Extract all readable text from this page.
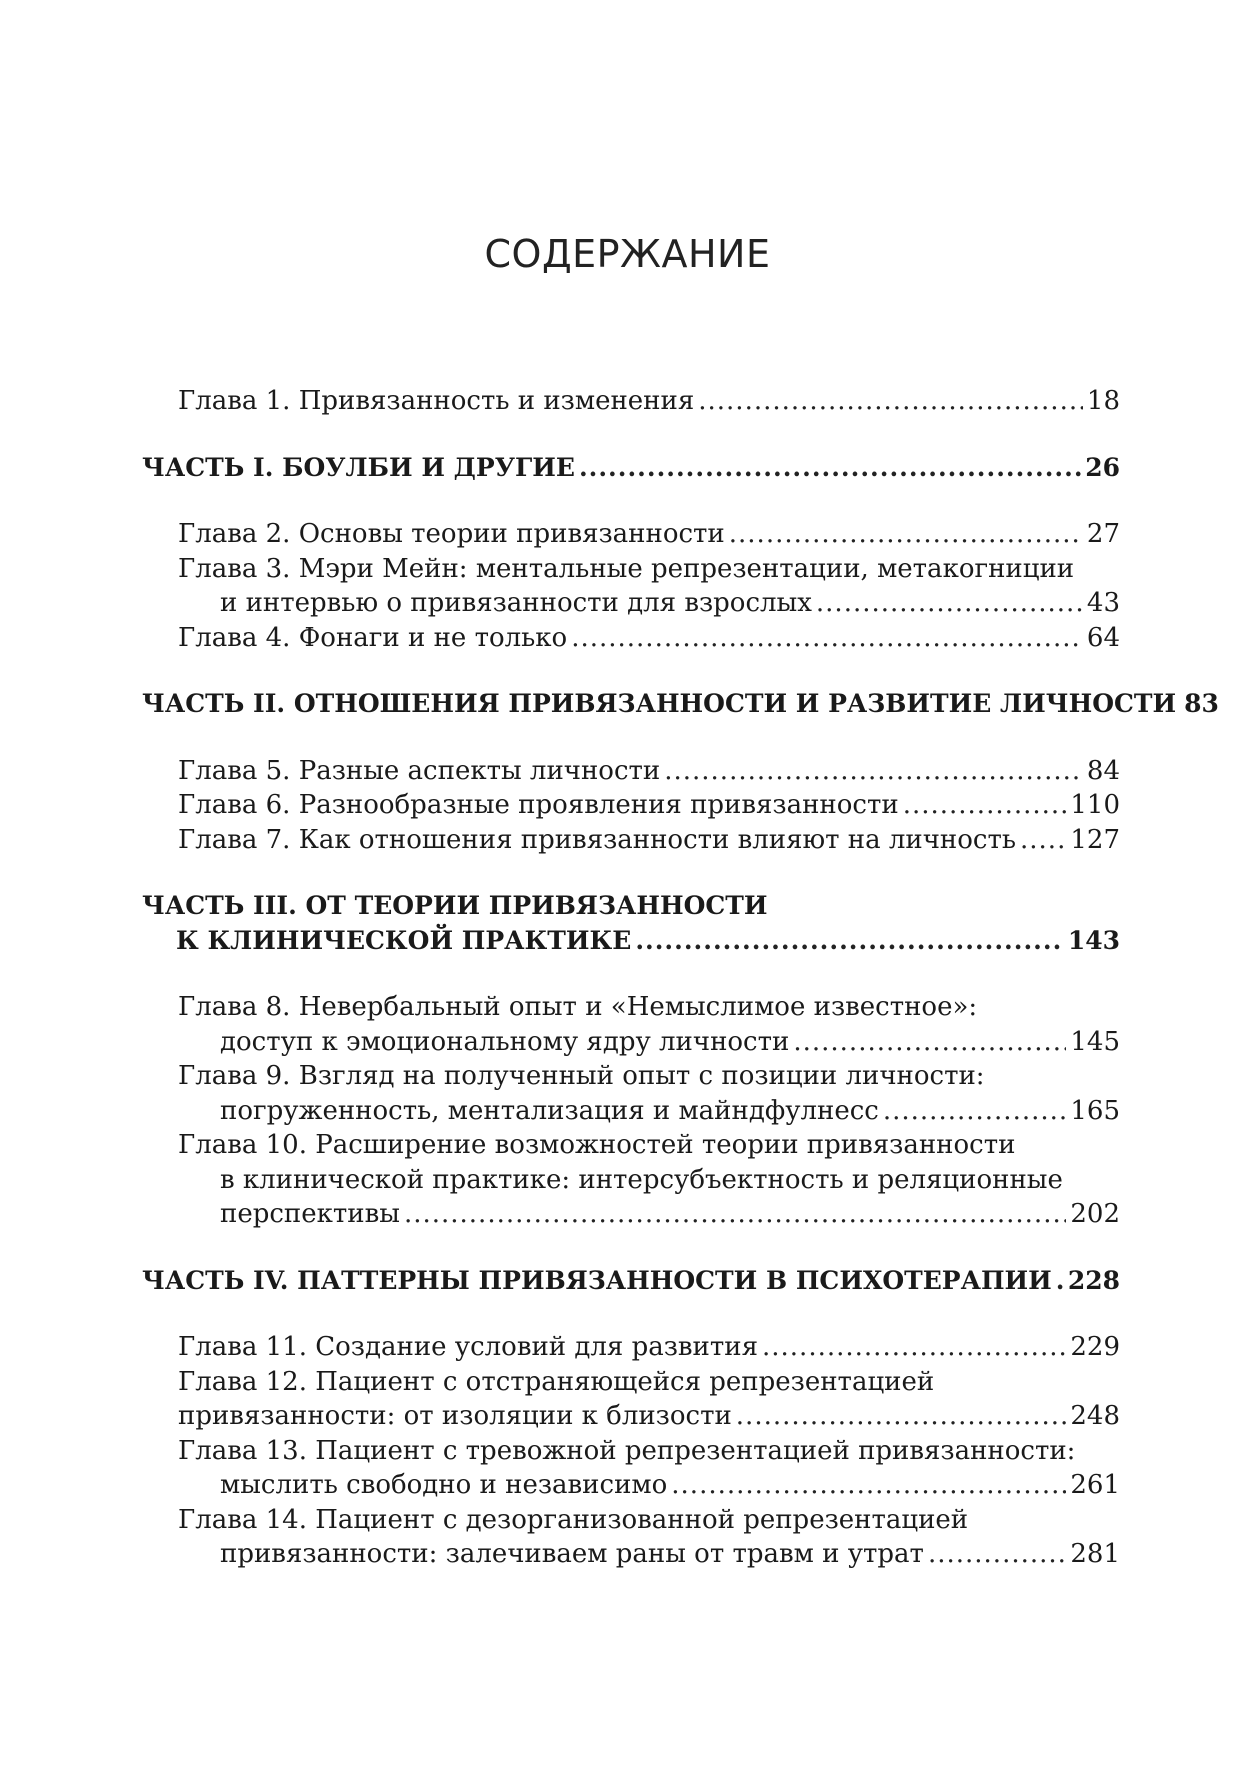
СОДЕРЖАНИЕ
Глава 1. Привязанность и изменения .....	18
ЧАСТЬ I. БОУЛБИ И ДРУГИЕ .....	26
Глава 2. Основы теории привязанности .....	27
Глава 3. Мэри Мейн: ментальные репрезентации, метакогниции
и интервью о привязанности для взрослых .....	43
Глава 4. Фонаги и не только .....	64
ЧАСТЬ II. ОТНОШЕНИЯ ПРИВЯЗАННОСТИ И РАЗВИТИЕ ЛИЧНОСТИ 83
Глава 5. Разные аспекты личности .....	84
Глава 6. Разнообразные проявления привязанности .....	110
Глава 7. Как отношения привязанности влияют на личность ..... 127
ЧАСТЬ III. ОТ ТЕОРИИ ПРИВЯЗАННОСТИ
К КЛИНИЧЕСКОЙ ПРАКТИКЕ .....	143
Глава 8. Невербальный опыт и «Немыслимое известное»:
доступ к эмоциональному ядру личности .....	145
Глава 9. Взгляд на полученный опыт с позиции личности:
погруженность, ментализация и майндфулнесс .....	165
Глава 10. Расширение возможностей теории привязанности
в клинической практике: интерсубъектность и реляционные
перспективы .....	202
ЧАСТЬ IV. ПАТТЕРНЫ ПРИВЯЗАННОСТИ В ПСИХОТЕРАПИИ ..... 228
Глава 11. Создание условий для развития .....	229
Глава 12. Пациент с отстраняющейся репрезентацией
привязанности: от изоляции к близости .....	248
Глава 13. Пациент с тревожной репрезентацией привязанности:
мыслить свободно и независимо .....	261
Глава 14. Пациент с дезорганизованной репрезентацией
привязанности: залечиваем раны от травм и утрат .....	281
